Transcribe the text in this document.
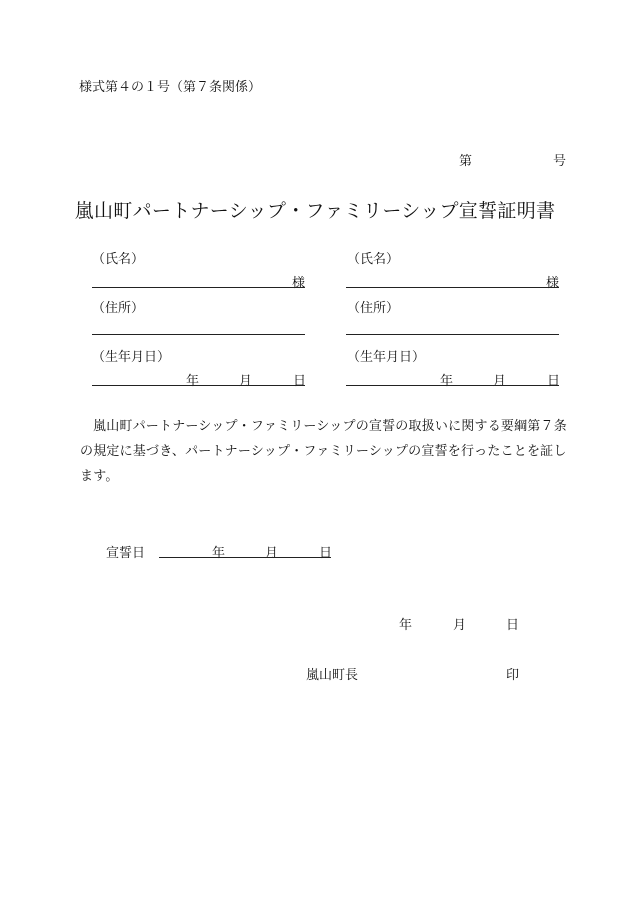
様式第４の１号（第７条関係）
第	号
嵐山町パートナーシップ・ファミリーシップ宣誓証明書
（氏名）
様
（住所）
（生年月日）
年	月	日
（氏名）
様
（住所）
（生年月日）
年	月	日
嵐山町パートナーシップ・ファミリーシップの宣誓の取扱いに関する要綱第７条の規定に基づき、パートナーシップ・ファミリーシップの宣誓を行ったことを証します。
宣誓日	年	月	日
年	月	日
嵐山町長	印
